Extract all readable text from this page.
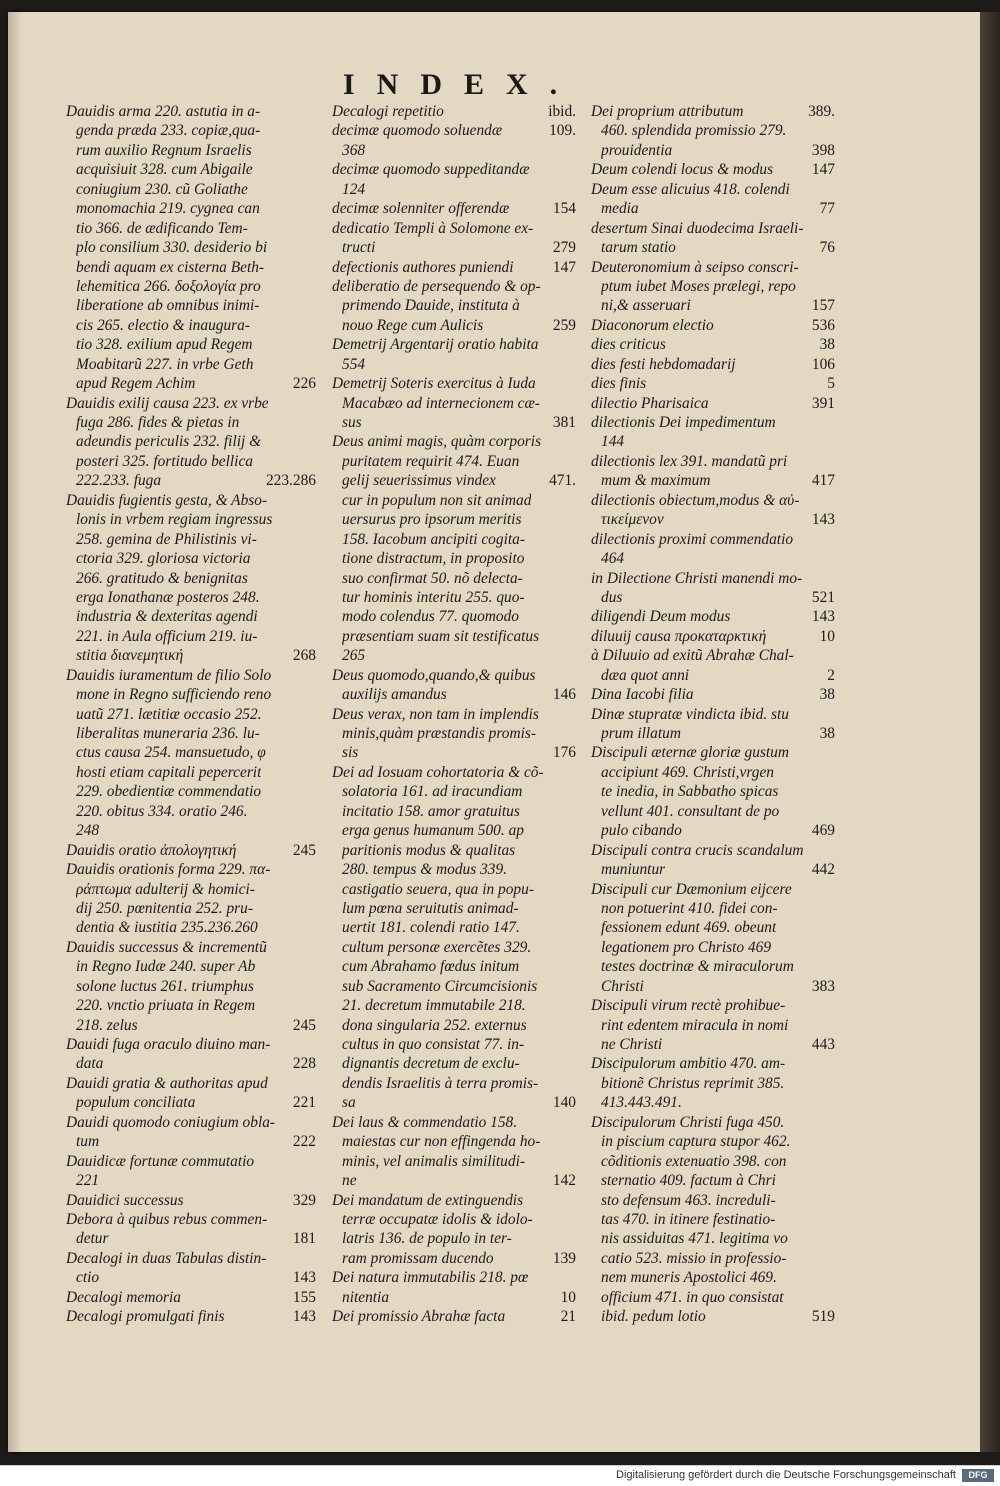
INDEX.
Dauidis arma 220. astutia in a-
genda præda 233. copiæ,qua-
rum auxilio Regnum Israelis
acquisiuit 328. cum Abigaile
coniugium 230. cũ Goliathe
monomachia 219. cygnea can
tio 366. de ædificando Tem-
plo consilium 330. desiderio bi
bendi aquam ex cisterna Beth-
lehemitica 266. δοξολογία pro
liberatione ab omnibus inimi-
cis 265. electio & inaugura-
tio 328. exilium apud Regem
Moabitarũ 227. in vrbe Geth
apud Regem Achim	226
Dauidis exilij causa 223. ex vrbe
fuga 286. fides & pietas in
adeundis periculis 232. filij &
posteri 325. fortitudo bellica
222.233. fuga	223.286
Dauidis fugientis gesta, & Abso-
lonis in vrbem regiam ingressus
258. gemina de Philistinis vi-
ctoria 329. gloriosa victoria
266. gratitudo & benignitas
erga Ionathanæ posteros 248.
industria & dexteritas agendi
221. in Aula officium 219. iu-
stitia διανεμητική	268
Dauidis iuramentum de filio Solo
mone in Regno sufficiendo reno
uatũ 271. lætitiæ occasio 252.
liberalitas muneraria 236. lu-
ctus causa 254. mansuetudo, φ
hosti etiam capitali pepercerit
229. obedientiæ commendatio
220. obitus 334. oratio 246.
248
Dauidis oratio ἀπολογητική	245
Dauidis orationis forma 229. πα-
ράπτωμα adulterij & homici-
dij 250. pœnitentia 252. pru-
dentia & iustitia 235.236.260
Dauidis successus & incrementũ
in Regno Iudæ 240. super Ab
solone luctus 261. triumphus
220. vnctio priuata in Regem
218. zelus	245
Dauidi fuga oraculo diuino man-
data	228
Dauidi gratia & authoritas apud
populum conciliata	221
Dauidi quomodo coniugium obla-
tum	222
Dauidicæ fortunæ commutatio
221
Dauidici successus	329
Debora à quibus rebus commen-
detur	181
Decalogi in duas Tabulas distin-
ctio	143
Decalogi memoria	155
Decalogi promulgati finis	143
Decalogi repetitio	ibid.
decimæ quomodo soluendæ	109.
368
decimæ quomodo suppeditandæ
124
decimæ solenniter offerendæ	154
dedicatio Templi à Solomone ex-
tructi	279
defectionis authores puniendi	147
deliberatio de persequendo & op-
primendo Dauide, instituta à
nouo Rege cum Aulicis	259
Demetrij Argentarij oratio habita
554
Demetrij Soteris exercitus à Iuda
Macabæo ad internecionem cæ-
sus	381
Deus animi magis, quàm corporis
puritatem requirit 474. Euan
gelij seuerissimus vindex	471.
cur in populum non sit animad
uersurus pro ipsorum meritis
158. Iacobum ancipiti cogita-
tione distractum, in proposito
suo confirmat 50. nõ delecta-
tur hominis interitu 255. quo-
modo colendus 77. quomodo
præsentiam suam sit testificatus
265
Deus quomodo,quando,& quibus
auxilijs amandus	146
Deus verax, non tam in implendis
minis,quàm præstandis promis-
sis	176
Dei ad Iosuam cohortatoria & cõ-
solatoria 161. ad iracundiam
incitatio 158. amor gratuitus
erga genus humanum 500. ap
paritionis modus & qualitas
280. tempus & modus 339.
castigatio seuera, qua in popu-
lum pœna seruitutis animad-
uertit 181. colendi ratio 147.
cultum personæ exercẽtes 329.
cum Abrahamo fœdus initum
sub Sacramento Circumcisionis
21. decretum immutabile 218.
dona singularia 252. externus
cultus in quo consistat 77. in-
dignantis decretum de exclu-
dendis Israelitis à terra promis-
sa	140
Dei laus & commendatio 158.
maiestas cur non effingenda ho-
minis, vel animalis similitudi-
ne	142
Dei mandatum de extinguendis
terræ occupatæ idolis & idolo-
latris 136. de populo in ter-
ram promissam ducendo	139
Dei natura immutabilis 218. pœ
nitentia	10
Dei promissio Abrahæ facta	21
Dei proprium attributum	389.
460. splendida promissio 279.
prouidentia	398
Deum colendi locus & modus	147
Deum esse alicuius 418. colendi
media	77
desertum Sinai duodecima Israeli-
tarum statio	76
Deuteronomium à seipso conscri-
ptum iubet Moses prælegi, repo
ni,& asseruari	157
Diaconorum electio	536
dies criticus	38
dies festi hebdomadarij	106
dies finis	5
dilectio Pharisaica	391
dilectionis Dei impedimentum
144
dilectionis lex 391. mandatũ pri
mum & maximum	417
dilectionis obiectum,modus & αὐ-
τικείμενον	143
dilectionis proximi commendatio
464
in Dilectione Christi manendi mo-
dus	521
diligendi Deum modus	143
diluuij causa προκαταρκτική	10
à Diluuio ad exitũ Abrahæ Chal-
dæa quot anni	2
Dina Iacobi filia	38
Dinæ stupratæ vindicta ibid. stu
prum illatum	38
Discipuli æternæ gloriæ gustum
accipiunt 469. Christi,vrgen
te inedia, in Sabbatho spicas
vellunt 401. consultant de po
pulo cibando	469
Discipuli contra crucis scandalum
muniuntur	442
Discipuli cur Dæmonium eijcere
non potuerint 410. fidei con-
fessionem edunt 469. obeunt
legationem pro Christo 469
testes doctrinæ & miraculorum
Christi	383
Discipuli virum rectè prohibue-
rint edentem miracula in nomi
ne Christi	443
Discipulorum ambitio 470. am-
bitionẽ Christus reprimit 385.
413.443.491.
Discipulorum Christi fuga 450.
in piscium captura stupor 462.
cõditionis extenuatio 398. con
sternatio 409. factum à Chri
sto defensum 463. increduli-
tas 470. in itinere festinatio-
nis assiduitas 471. legitima vo
catio 523. missio in professio-
nem muneris Apostolici 469.
officium 471. in quo consistat
ibid. pedum lotio	519
Digitalisierung gefördert durch die Deutsche Forschungsgemeinschaft	DFG
